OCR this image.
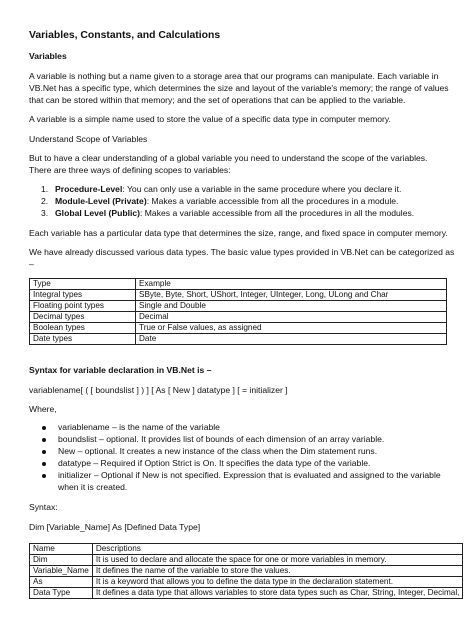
Variables, Constants, and Calculations

Variables

A variable is nothing but a name given to a storage area that our programs can manipulate. Each variable in

VB.Net has a specific type, which determines the size and layout of the variable's memory; the range of values

that can be stored within that memory; and the set of operations that can be applied to the variable.

A variable is a simple name used to store the value of a specific data type in computer memory.

Understand Scope of Variables

But to have a clear understanding of a global variable you need to understand the scope of the variables.

There are three ways of defining scopes to variables:

1. Procedure-Level: You can only use a variable in the same procedure where you declare it.

2. Module-Level (Private): Makes a variable accessible from all the procedures in a module.

3. Global Level (Public): Makes a variable accessible from all the procedures in all the modules.

Each variable has a particular data type that determines the size, range, and fixed space in computer memory.

We have already discussed various data types. The basic value types provided in VB.Net can be categorized as

–

Type	Example
Integral types	SByte, Byte, Short, UShort, Integer, UInteger, Long, ULong and Char
Floating point types	Single and Double
Decimal types	Decimal
Boolean types	True or False values, as assigned
Date types	Date

Syntax for variable declaration in VB.Net is –

variablename[ ( [ boundslist ] ) ] [ As [ New ] datatype ] [ = initializer ]

Where,

variablename – is the name of the variable
boundslist – optional. It provides list of bounds of each dimension of an array variable.
New – optional. It creates a new instance of the class when the Dim statement runs.
datatype – Required if Option Strict is On. It specifies the data type of the variable.
initializer – Optional if New is not specified. Expression that is evaluated and assigned to the variable

when it is created.

Syntax:

Dim [Variable_Name] As [Defined Data Type]

Name	Descriptions
Dim	It is used to declare and allocate the space for one or more variables in memory.
Variable_Name	It defines the name of the variable to store the values.
As	It is a keyword that allows you to define the data type in the declaration statement.
Data Type	It defines a data type that allows variables to store data types such as Char, String, Integer, Decimal,
